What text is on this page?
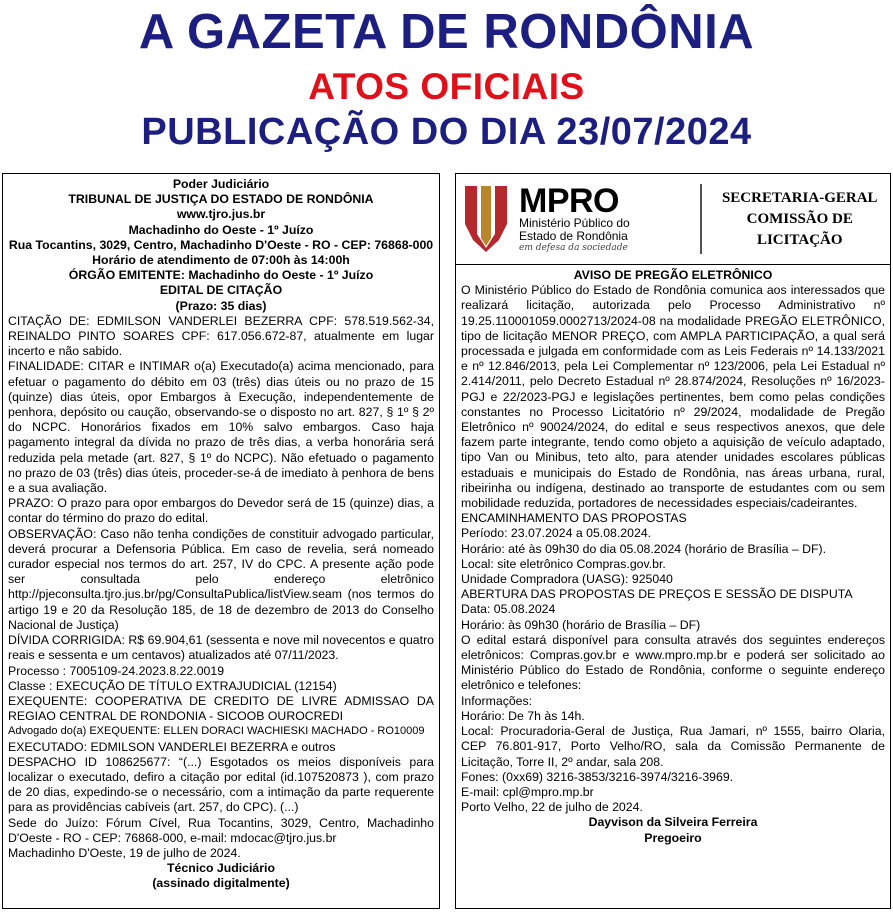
A GAZETA DE RONDÔNIA
ATOS OFICIAIS
PUBLICAÇÃO DO DIA 23/07/2024
Poder Judiciário
TRIBUNAL DE JUSTIÇA DO ESTADO DE RONDÔNIA
www.tjro.jus.br
Machadinho do Oeste - 1º Juízo
Rua Tocantins, 3029, Centro, Machadinho D'Oeste - RO - CEP: 76868-000
Horário de atendimento de 07:00h às 14:00h
ÓRGÃO EMITENTE: Machadinho do Oeste - 1º Juízo
EDITAL DE CITAÇÃO
(Prazo: 35 dias)

CITAÇÃO DE: EDMILSON VANDERLEI BEZERRA CPF: 578.519.562-34, REINALDO PINTO SOARES CPF: 617.056.672-87, atualmente em lugar incerto e não sabido.

FINALIDADE: CITAR e INTIMAR o(a) Executado(a) acima mencionado, para efetuar o pagamento do débito em 03 (três) dias úteis ou no prazo de 15 (quinze) dias úteis, opor Embargos à Execução, independentemente de penhora, depósito ou caução, observando-se o disposto no art. 827, § 1º § 2º do NCPC. Honorários fixados em 10% salvo embargos. Caso haja pagamento integral da dívida no prazo de três dias, a verba honorária será reduzida pela metade (art. 827, § 1º do NCPC). Não efetuado o pagamento no prazo de 03 (três) dias úteis, proceder-se-á de imediato à penhora de bens e a sua avaliação.

PRAZO: O prazo para opor embargos do Devedor será de 15 (quinze) dias, a contar do término do prazo do edital.

OBSERVAÇÃO: Caso não tenha condições de constituir advogado particular, deverá procurar a Defensoria Pública. Em caso de revelia, será nomeado curador especial nos termos do art. 257, IV do CPC. A presente ação pode ser consultada pelo endereço eletrônico http://pjeconsulta.tjro.jus.br/pg/ConsultaPublica/listView.seam (nos termos do artigo 19 e 20 da Resolução 185, de 18 de dezembro de 2013 do Conselho Nacional de Justiça)

DÍVIDA CORRIGIDA: R$ 69.904,61 (sessenta e nove mil novecentos e quatro reais e sessenta e um centavos) atualizados até 07/11/2023.

Processo : 7005109-24.2023.8.22.0019

Classe : EXECUÇÃO DE TÍTULO EXTRAJUDICIAL (12154)

EXEQUENTE: COOPERATIVA DE CREDITO DE LIVRE ADMISSAO DA REGIAO CENTRAL DE RONDONIA - SICOOB OUROCREDI

Advogado do(a) EXEQUENTE: ELLEN DORACI WACHIESKI MACHADO - RO10009

EXECUTADO: EDMILSON VANDERLEI BEZERRA e outros

DESPACHO ID 108625677: “(...) Esgotados os meios disponíveis para localizar o executado, defiro a citação por edital (id.107520873 ), com prazo de 20 dias, expedindo-se o necessário, com a intimação da parte requerente para as providências cabíveis (art. 257, do CPC). (...)

Sede do Juízo: Fórum Cível, Rua Tocantins, 3029, Centro, Machadinho D'Oeste - RO - CEP: 76868-000, e-mail: mdocac@tjro.jus.br

Machadinho D'Oeste, 19 de julho de 2024.

Técnico Judiciário
(assinado digitalmente)
MPRO
Ministério Público do
Estado de Rondônia
em defesa da sociedade
SECRETARIA-GERAL
COMISSÃO DE LICITAÇÃO
AVISO DE PREGÃO ELETRÔNICO

O Ministério Público do Estado de Rondônia comunica aos interessados que realizará licitação, autorizada pelo Processo Administrativo nº 19.25.110001059.0002713/2024-08 na modalidade PREGÃO ELETRÔNICO, tipo de licitação MENOR PREÇO, com AMPLA PARTICIPAÇÃO, a qual será processada e julgada em conformidade com as Leis Federais nº 14.133/2021 e nº 12.846/2013, pela Lei Complementar nº 123/2006, pela Lei Estadual nº 2.414/2011, pelo Decreto Estadual nº 28.874/2024, Resoluções nº 16/2023-PGJ e 22/2023-PGJ e legislações pertinentes, bem como pelas condições constantes no Processo Licitatório nº 29/2024, modalidade de Pregão Eletrônico nº 90024/2024, do edital e seus respectivos anexos, que dele fazem parte integrante, tendo como objeto a aquisição de veículo adaptado, tipo Van ou Minibus, teto alto, para atender unidades escolares públicas estaduais e municipais do Estado de Rondônia, nas áreas urbana, rural, ribeirinha ou indígena, destinado ao transporte de estudantes com ou sem mobilidade reduzida, portadores de necessidades especiais/cadeirantes.

ENCAMINHAMENTO DAS PROPOSTAS

Período: 23.07.2024 a 05.08.2024.

Horário: até às 09h30 do dia 05.08.2024 (horário de Brasília – DF).

Local: site eletrônico Compras.gov.br.

Unidade Compradora (UASG): 925040

ABERTURA DAS PROPOSTAS DE PREÇOS E SESSÃO DE DISPUTA

Data: 05.08.2024

Horário: às 09h30 (horário de Brasília – DF)

O edital estará disponível para consulta através dos seguintes endereços eletrônicos: Compras.gov.br e www.mpro.mp.br e poderá ser solicitado ao Ministério Público do Estado de Rondônia, conforme o seguinte endereço eletrônico e telefones:

Informações:

Horário: De 7h às 14h.

Local: Procuradoria-Geral de Justiça, Rua Jamari, nº 1555, bairro Olaria, CEP 76.801-917, Porto Velho/RO, sala da Comissão Permanente de Licitação, Torre II, 2º andar, sala 208.

Fones: (0xx69) 3216-3853/3216-3974/3216-3969.

E-mail: cpl@mpro.mp.br

Porto Velho, 22 de julho de 2024.

Dayvison da Silveira Ferreira
Pregoeiro
